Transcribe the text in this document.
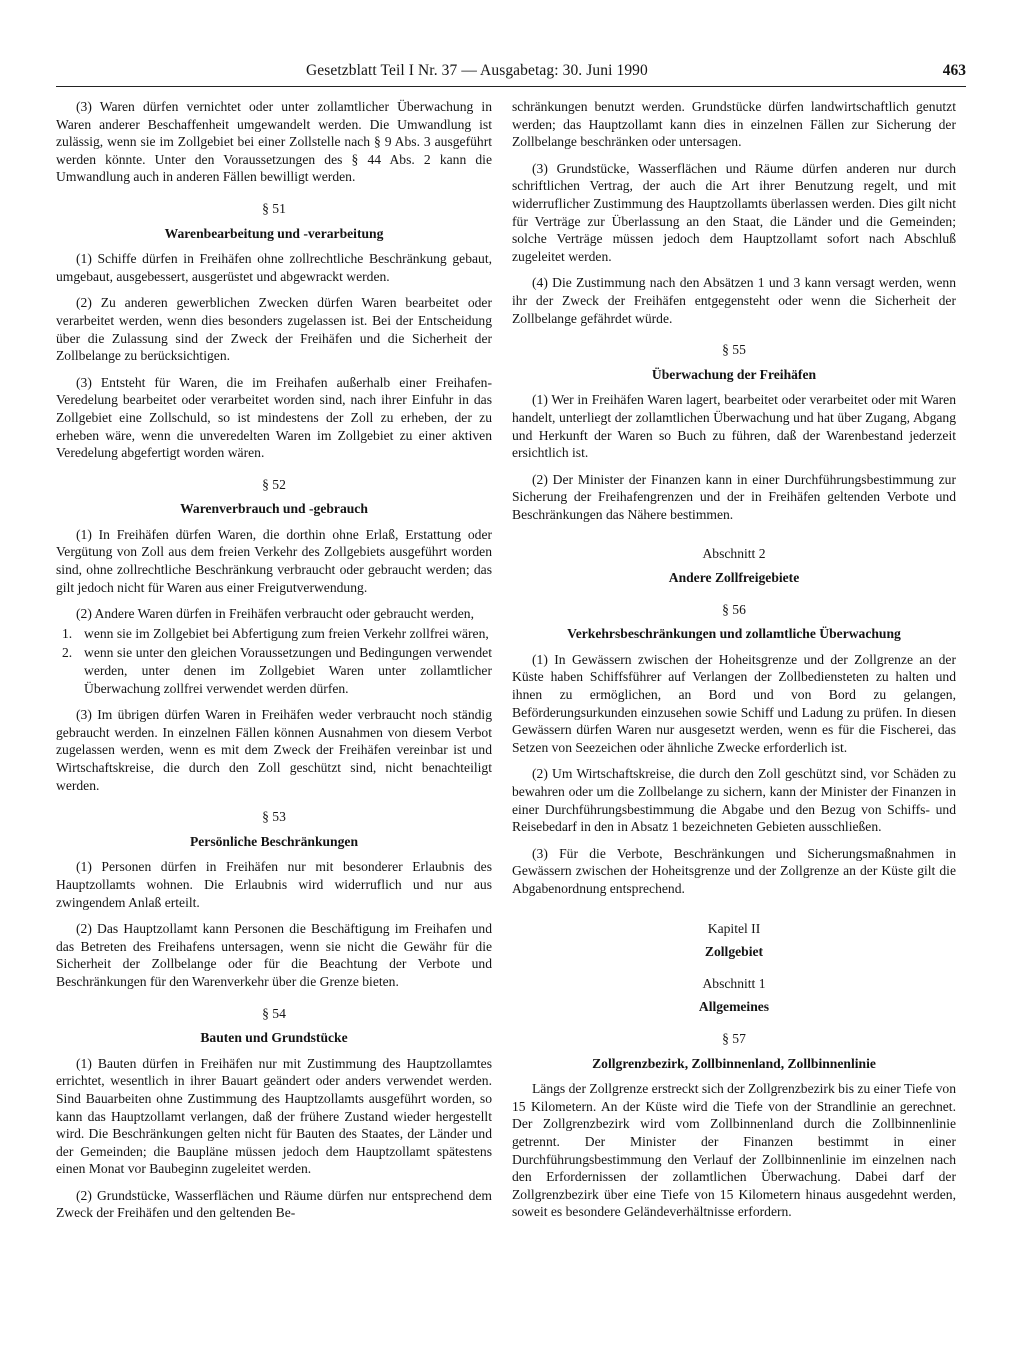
Gesetzblatt Teil I Nr. 37 — Ausgabetag: 30. Juni 1990	463

(3) Waren dürfen vernichtet oder unter zollamtlicher Überwachung in Waren anderer Beschaffenheit umgewandelt werden. Die Umwandlung ist zulässig, wenn sie im Zollgebiet bei einer Zollstelle nach § 9 Abs. 3 ausgeführt werden könnte. Unter den Voraussetzungen des § 44 Abs. 2 kann die Umwandlung auch in anderen Fällen bewilligt werden.

§ 51
Warenbearbeitung und -verarbeitung

(1) Schiffe dürfen in Freihäfen ohne zollrechtliche Beschränkung gebaut, umgebaut, ausgebessert, ausgerüstet und abgewrackt werden.

(2) Zu anderen gewerblichen Zwecken dürfen Waren bearbeitet oder verarbeitet werden, wenn dies besonders zugelassen ist. Bei der Entscheidung über die Zulassung sind der Zweck der Freihäfen und die Sicherheit der Zollbelange zu berücksichtigen.

(3) Entsteht für Waren, die im Freihafen außerhalb einer Freihafen-Veredelung bearbeitet oder verarbeitet worden sind, nach ihrer Einfuhr in das Zollgebiet eine Zollschuld, so ist mindestens der Zoll zu erheben, der zu erheben wäre, wenn die unveredelten Waren im Zollgebiet zu einer aktiven Veredelung abgefertigt worden wären.

§ 52
Warenverbrauch und -gebrauch

(1) In Freihäfen dürfen Waren, die dorthin ohne Erlaß, Erstattung oder Vergütung von Zoll aus dem freien Verkehr des Zollgebiets ausgeführt worden sind, ohne zollrechtliche Beschränkung verbraucht oder gebraucht werden; das gilt jedoch nicht für Waren aus einer Freigutverwendung.

(2) Andere Waren dürfen in Freihäfen verbraucht oder gebraucht werden,

1. wenn sie im Zollgebiet bei Abfertigung zum freien Verkehr zollfrei wären,
2. wenn sie unter den gleichen Voraussetzungen und Bedingungen verwendet werden, unter denen im Zollgebiet Waren unter zollamtlicher Überwachung zollfrei verwendet werden dürfen.

(3) Im übrigen dürfen Waren in Freihäfen weder verbraucht noch ständig gebraucht werden. In einzelnen Fällen können Ausnahmen von diesem Verbot zugelassen werden, wenn es mit dem Zweck der Freihäfen vereinbar ist und Wirtschaftskreise, die durch den Zoll geschützt sind, nicht benachteiligt werden.

§ 53
Persönliche Beschränkungen

(1) Personen dürfen in Freihäfen nur mit besonderer Erlaubnis des Hauptzollamts wohnen. Die Erlaubnis wird widerruflich und nur aus zwingendem Anlaß erteilt.

(2) Das Hauptzollamt kann Personen die Beschäftigung im Freihafen und das Betreten des Freihafens untersagen, wenn sie nicht die Gewähr für die Sicherheit der Zollbelange oder für die Beachtung der Verbote und Beschränkungen für den Warenverkehr über die Grenze bieten.

§ 54
Bauten und Grundstücke

(1) Bauten dürfen in Freihäfen nur mit Zustimmung des Hauptzollamtes errichtet, wesentlich in ihrer Bauart geändert oder anders verwendet werden. Sind Bauarbeiten ohne Zustimmung des Hauptzollamts ausgeführt worden, so kann das Hauptzollamt verlangen, daß der frühere Zustand wieder hergestellt wird. Die Beschränkungen gelten nicht für Bauten des Staates, der Länder und der Gemeinden; die Baupläne müssen jedoch dem Hauptzollamt spätestens einen Monat vor Baubeginn zugeleitet werden.

(2) Grundstücke, Wasserflächen und Räume dürfen nur entsprechend dem Zweck der Freihäfen und den geltenden Be-

schränkungen benutzt werden. Grundstücke dürfen landwirtschaftlich genutzt werden; das Hauptzollamt kann dies in einzelnen Fällen zur Sicherung der Zollbelange beschränken oder untersagen.

(3) Grundstücke, Wasserflächen und Räume dürfen anderen nur durch schriftlichen Vertrag, der auch die Art ihrer Benutzung regelt, und mit widerruflicher Zustimmung des Hauptzollamts überlassen werden. Dies gilt nicht für Verträge zur Überlassung an den Staat, die Länder und die Gemeinden; solche Verträge müssen jedoch dem Hauptzollamt sofort nach Abschluß zugeleitet werden.

(4) Die Zustimmung nach den Absätzen 1 und 3 kann versagt werden, wenn ihr der Zweck der Freihäfen entgegensteht oder wenn die Sicherheit der Zollbelange gefährdet würde.

§ 55
Überwachung der Freihäfen

(1) Wer in Freihäfen Waren lagert, bearbeitet oder verarbeitet oder mit Waren handelt, unterliegt der zollamtlichen Überwachung und hat über Zugang, Abgang und Herkunft der Waren so Buch zu führen, daß der Warenbestand jederzeit ersichtlich ist.

(2) Der Minister der Finanzen kann in einer Durchführungsbestimmung zur Sicherung der Freihafengrenzen und der in Freihäfen geltenden Verbote und Beschränkungen das Nähere bestimmen.

Abschnitt 2
Andere Zollfreigebiete
§ 56
Verkehrsbeschränkungen und zollamtliche Überwachung

(1) In Gewässern zwischen der Hoheitsgrenze und der Zollgrenze an der Küste haben Schiffsführer auf Verlangen der Zollbediensteten zu halten und ihnen zu ermöglichen, an Bord und von Bord zu gelangen, Beförderungsurkunden einzusehen sowie Schiff und Ladung zu prüfen. In diesen Gewässern dürfen Waren nur ausgesetzt werden, wenn es für die Fischerei, das Setzen von Seezeichen oder ähnliche Zwecke erforderlich ist.

(2) Um Wirtschaftskreise, die durch den Zoll geschützt sind, vor Schäden zu bewahren oder um die Zollbelange zu sichern, kann der Minister der Finanzen in einer Durchführungsbestimmung die Abgabe und den Bezug von Schiffs- und Reisebedarf in den in Absatz 1 bezeichneten Gebieten ausschließen.

(3) Für die Verbote, Beschränkungen und Sicherungsmaßnahmen in Gewässern zwischen der Hoheitsgrenze und der Zollgrenze an der Küste gilt die Abgabenordnung entsprechend.

Kapitel II
Zollgebiet
Abschnitt 1
Allgemeines
§ 57
Zollgrenzbezirk, Zollbinnenland, Zollbinnenlinie

Längs der Zollgrenze erstreckt sich der Zollgrenzbezirk bis zu einer Tiefe von 15 Kilometern. An der Küste wird die Tiefe von der Strandlinie an gerechnet. Der Zollgrenzbezirk wird vom Zollbinnenland durch die Zollbinnenlinie getrennt. Der Minister der Finanzen bestimmt in einer Durchführungsbestimmung den Verlauf der Zollbinnenlinie im einzelnen nach den Erfordernissen der zollamtlichen Überwachung. Dabei darf der Zollgrenzbezirk über eine Tiefe von 15 Kilometern hinaus ausgedehnt werden, soweit es besondere Geländeverhältnisse erfordern.
